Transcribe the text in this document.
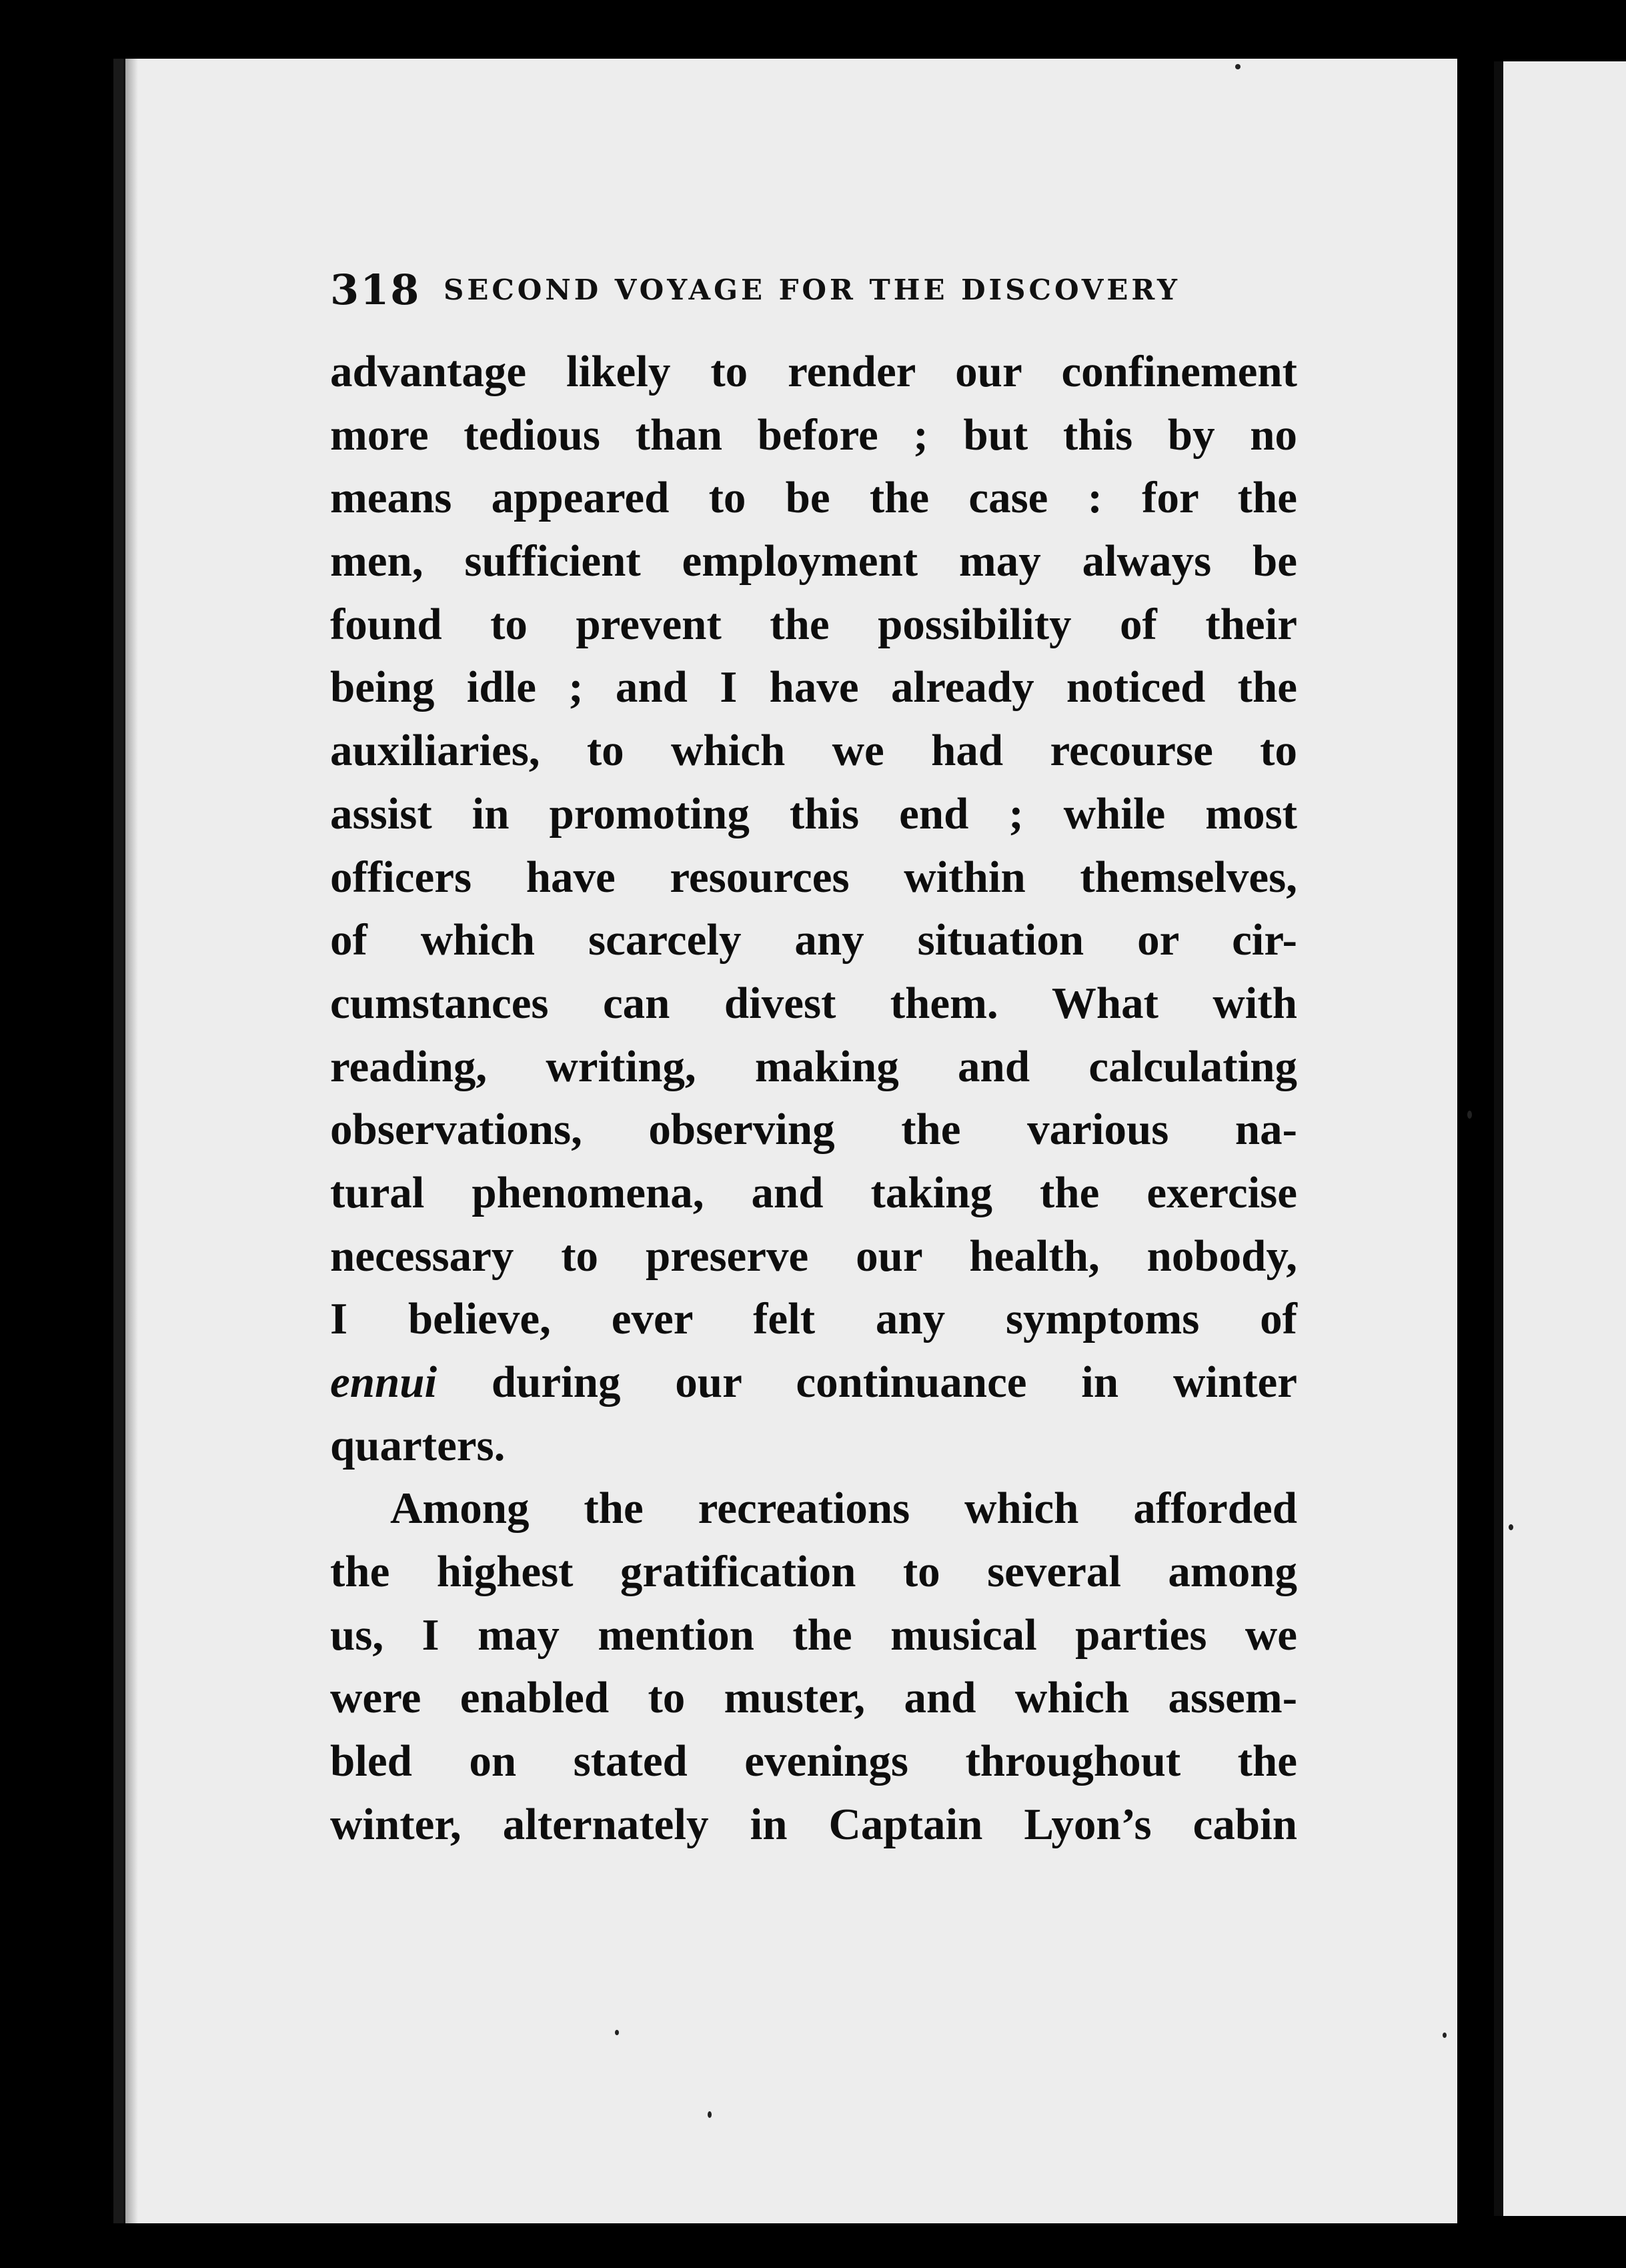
318 SECOND VOYAGE FOR THE DISCOVERY
advantage likely to render our confinement
more tedious than before ; but this by no
means appeared to be the case : for the
men, sufficient employment may always be
found to prevent the possibility of their
being idle ; and I have already noticed the
auxiliaries, to which we had recourse to
assist in promoting this end ; while most
officers have resources within themselves,
of which scarcely any situation or cir-
cumstances can divest them. What with
reading, writing, making and calculating
observations, observing the various na-
tural phenomena, and taking the exercise
necessary to preserve our health, nobody,
I believe, ever felt any symptoms of
ennui during our continuance in winter
quarters.
Among the recreations which afforded
the highest gratification to several among
us, I may mention the musical parties we
were enabled to muster, and which assem-
bled on stated evenings throughout the
winter, alternately in Captain Lyon’s cabin
